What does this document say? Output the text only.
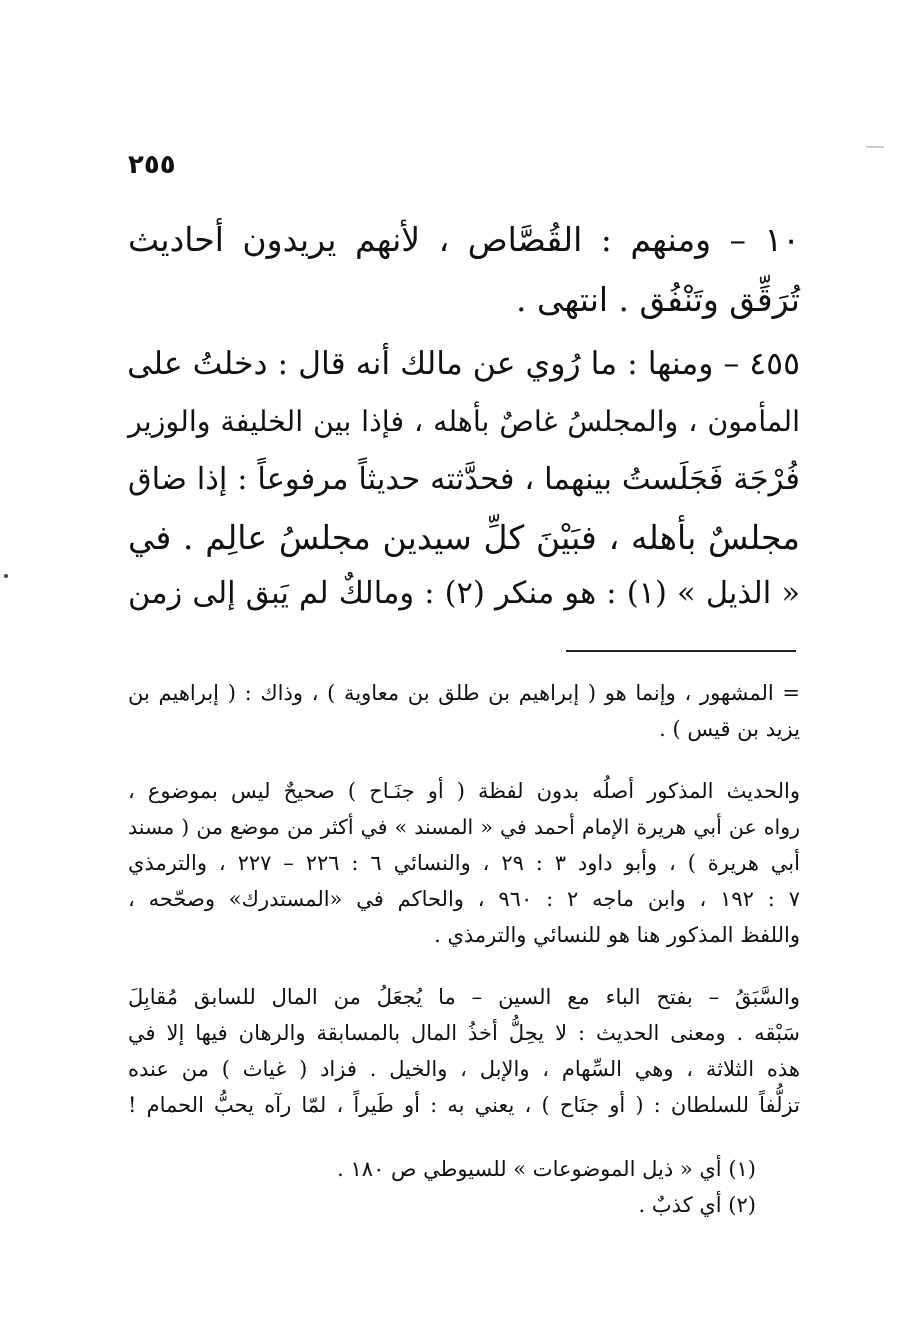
٢٥٥
١٠ – ومنهم : القُصَّاص ، لأنهم يريدون أحاديث
تُرَقِّق وتَنْفُق . انتهى .
٤٥٥ – ومنها : ما رُوي عن مالك أنه قال : دخلتُ على
المأمون ، والمجلسُ غاصٌ بأهله ، فإذا بين الخليفة والوزير
فُرْجَة فَجَلَستُ بينهما ، فحدَّثته حديثاً مرفوعاً : إذا ضاق
مجلسٌ بأهله ، فبَيْنَ كلِّ سيدين مجلسُ عالِم . في
« الذيل » (١) : هو منكر (٢) : ومالكٌ لم يَبق إلى زمن
= المشهور ، وإنما هو ( إبراهيم بن طلق بن معاوية ) ، وذاك : ( إبراهيم بن
يزيد بن قيس ) .
والحديث المذكور أصلُه بدون لفظة ( أو جنَـاح ) صحيحٌ ليس بموضوع ،
رواه عن أبي هريرة الإمام أحمد في « المسند » في أكثر من موضع من ( مسند
أبي هريرة ) ، وأبو داود ٣ : ٢٩ ، والنسائي ٦ : ٢٢٦ – ٢٢٧ ، والترمذي
٧ : ١٩٢ ، وابن ماجه ٢ : ٩٦٠ ، والحاكم في «المستدرك» وصحّحه ،
واللفظ المذكور هنا هو للنسائي والترمذي .
والسَّبَقُ – بفتح الباء مع السين – ما يُجعَلُ من المال للسابق مُقابِلَ
سَبْقه . ومعنى الحديث : لا يحِلُّ أخذُ المال بالمسابقة والرهان فيها إلا في
هذه الثلاثة ، وهي السِّهام ، والإبل ، والخيل . فزاد ( غياث ) من عنده
تزلُّفاً للسلطان : ( أو جنَاح ) ، يعني به : أو طَيراً ، لمّا رآه يحبُّ الحمام !
(١) أي « ذيل الموضوعات » للسيوطي ص ١٨٠ .
(٢) أي كذبٌ .
